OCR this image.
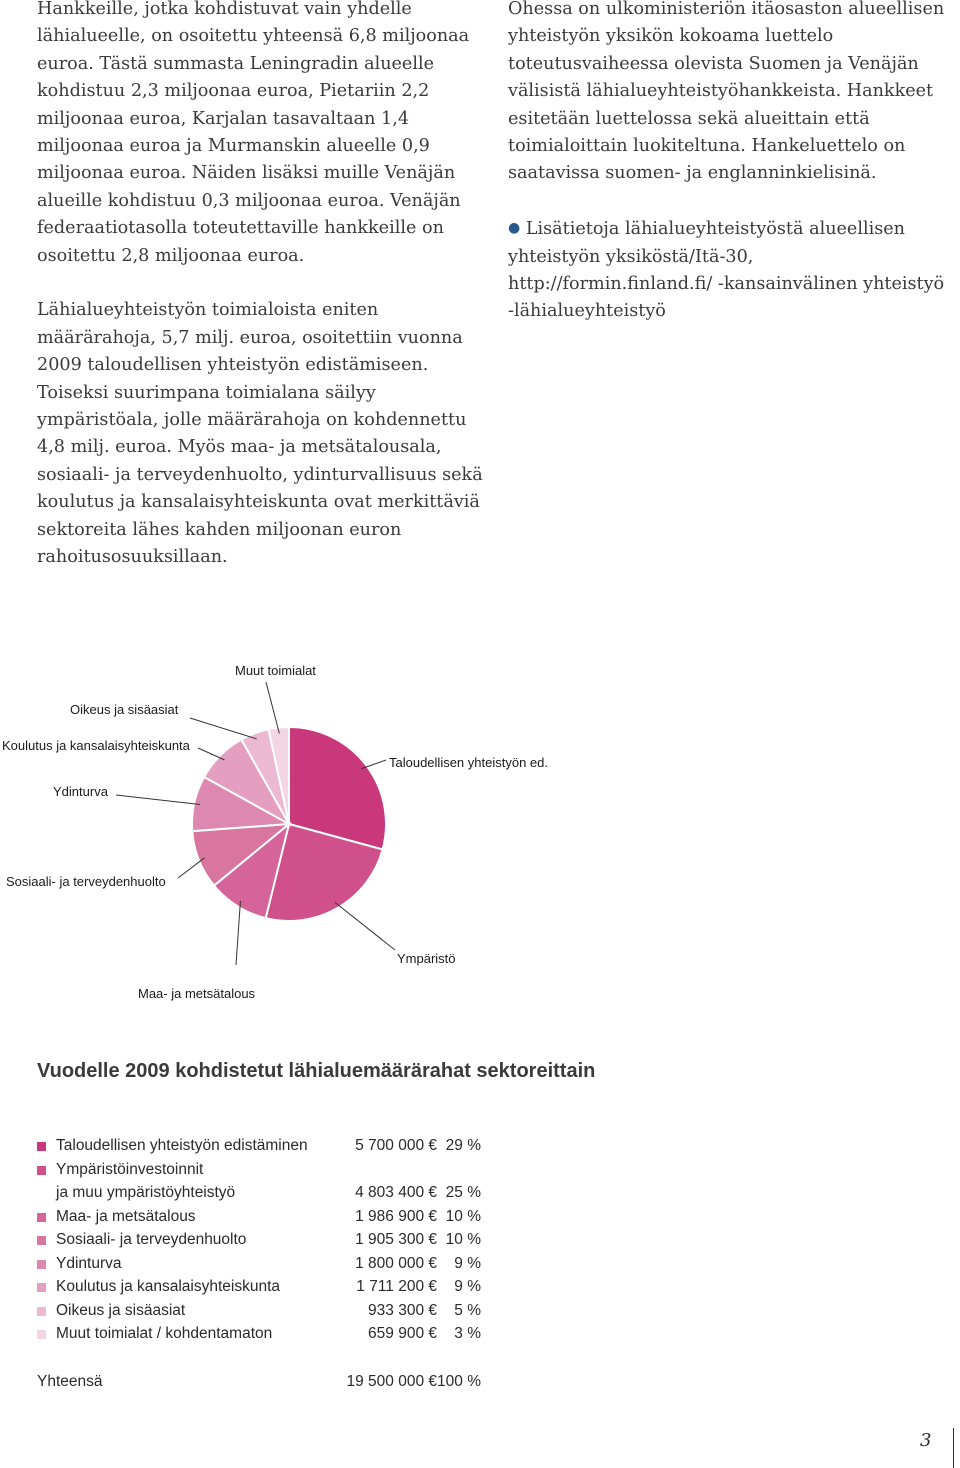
Hankkeille, jotka kohdistuvat vain yhdelle lähialueelle, on osoitettu yhteensä 6,8 miljoonaa euroa. Tästä summasta Leningradin alueelle kohdistuu 2,3 miljoonaa euroa, Pietariin 2,2 miljoonaa euroa, Karjalan tasavaltaan 1,4 miljoonaa euroa ja Murmanskin alueelle 0,9 miljoonaa euroa. Näiden lisäksi muille Venäjän alueille kohdistuu 0,3 miljoonaa euroa. Venäjän federaatiotasolla toteutettaville hankkeille on osoitettu 2,8 miljoonaa euroa.

Lähialueyhteistyön toimialoista eniten määrärahoja, 5,7 milj. euroa, osoitettiin vuonna 2009 taloudellisen yhteistyön edistämiseen. Toiseksi suurimpana toimialana säilyy ympäristöala, jolle määrärahoja on kohdennettu 4,8 milj. euroa. Myös maa- ja metsätalousala, sosiaali- ja terveydenhuolto, ydinturvallisuus sekä koulutus ja kansalaisyhteiskunta ovat merkittäviä sektoreita lähes kahden miljoonan euron rahoitusosuuksillaan.

Ohessa on ulkoministeriön itäosaston alueellisen yhteistyön yksikön kokoama luettelo toteutusvaiheessa olevista Suomen ja Venäjän välisistä lähialueyhteistyöhankkeista. Hankkeet esitetään luettelossa sekä alueittain että toimialoittain luokiteltuna. Hankeluettelo on saatavissa suomen- ja englanninkielisinä.

● Lisätietoja lähialueyhteistyöstä alueellisen yhteistyön yksiköstä/Itä-30, http://formin.finland.fi/ -kansainvälinen yhteistyö -lähialueyhteistyö

Taloudellisen yhteistyön ed.
Ympäristö
Maa- ja metsätalous
Sosiaali- ja terveydenhuolto
Ydinturva
Koulutus ja kansalaisyhteiskunta
Oikeus ja sisäasiat
Muut toimialat
Vuodelle 2009 kohdistetut lähialuemäärärahat sektoreittain
Taloudellisen yhteistyön edistäminen	5 700 000 € 29 %
Ympäristöinvestoinnit
ja muu ympäristöyhteistyö	4 803 400 € 25 %
Maa- ja metsätalous	1 986 900 € 10 %
Sosiaali- ja terveydenhuolto	1 905 300 € 10 %
Ydinturva	1 800 000 €	9 %
Koulutus ja kansalaisyhteiskunta	1 711 200 €	9 %
Oikeus ja sisäasiat	933 300 €	5 %
Muut toimialat / kohdentamaton	659 900 €	3 %
Yhteensä	19 500 000 € 100 %
3
